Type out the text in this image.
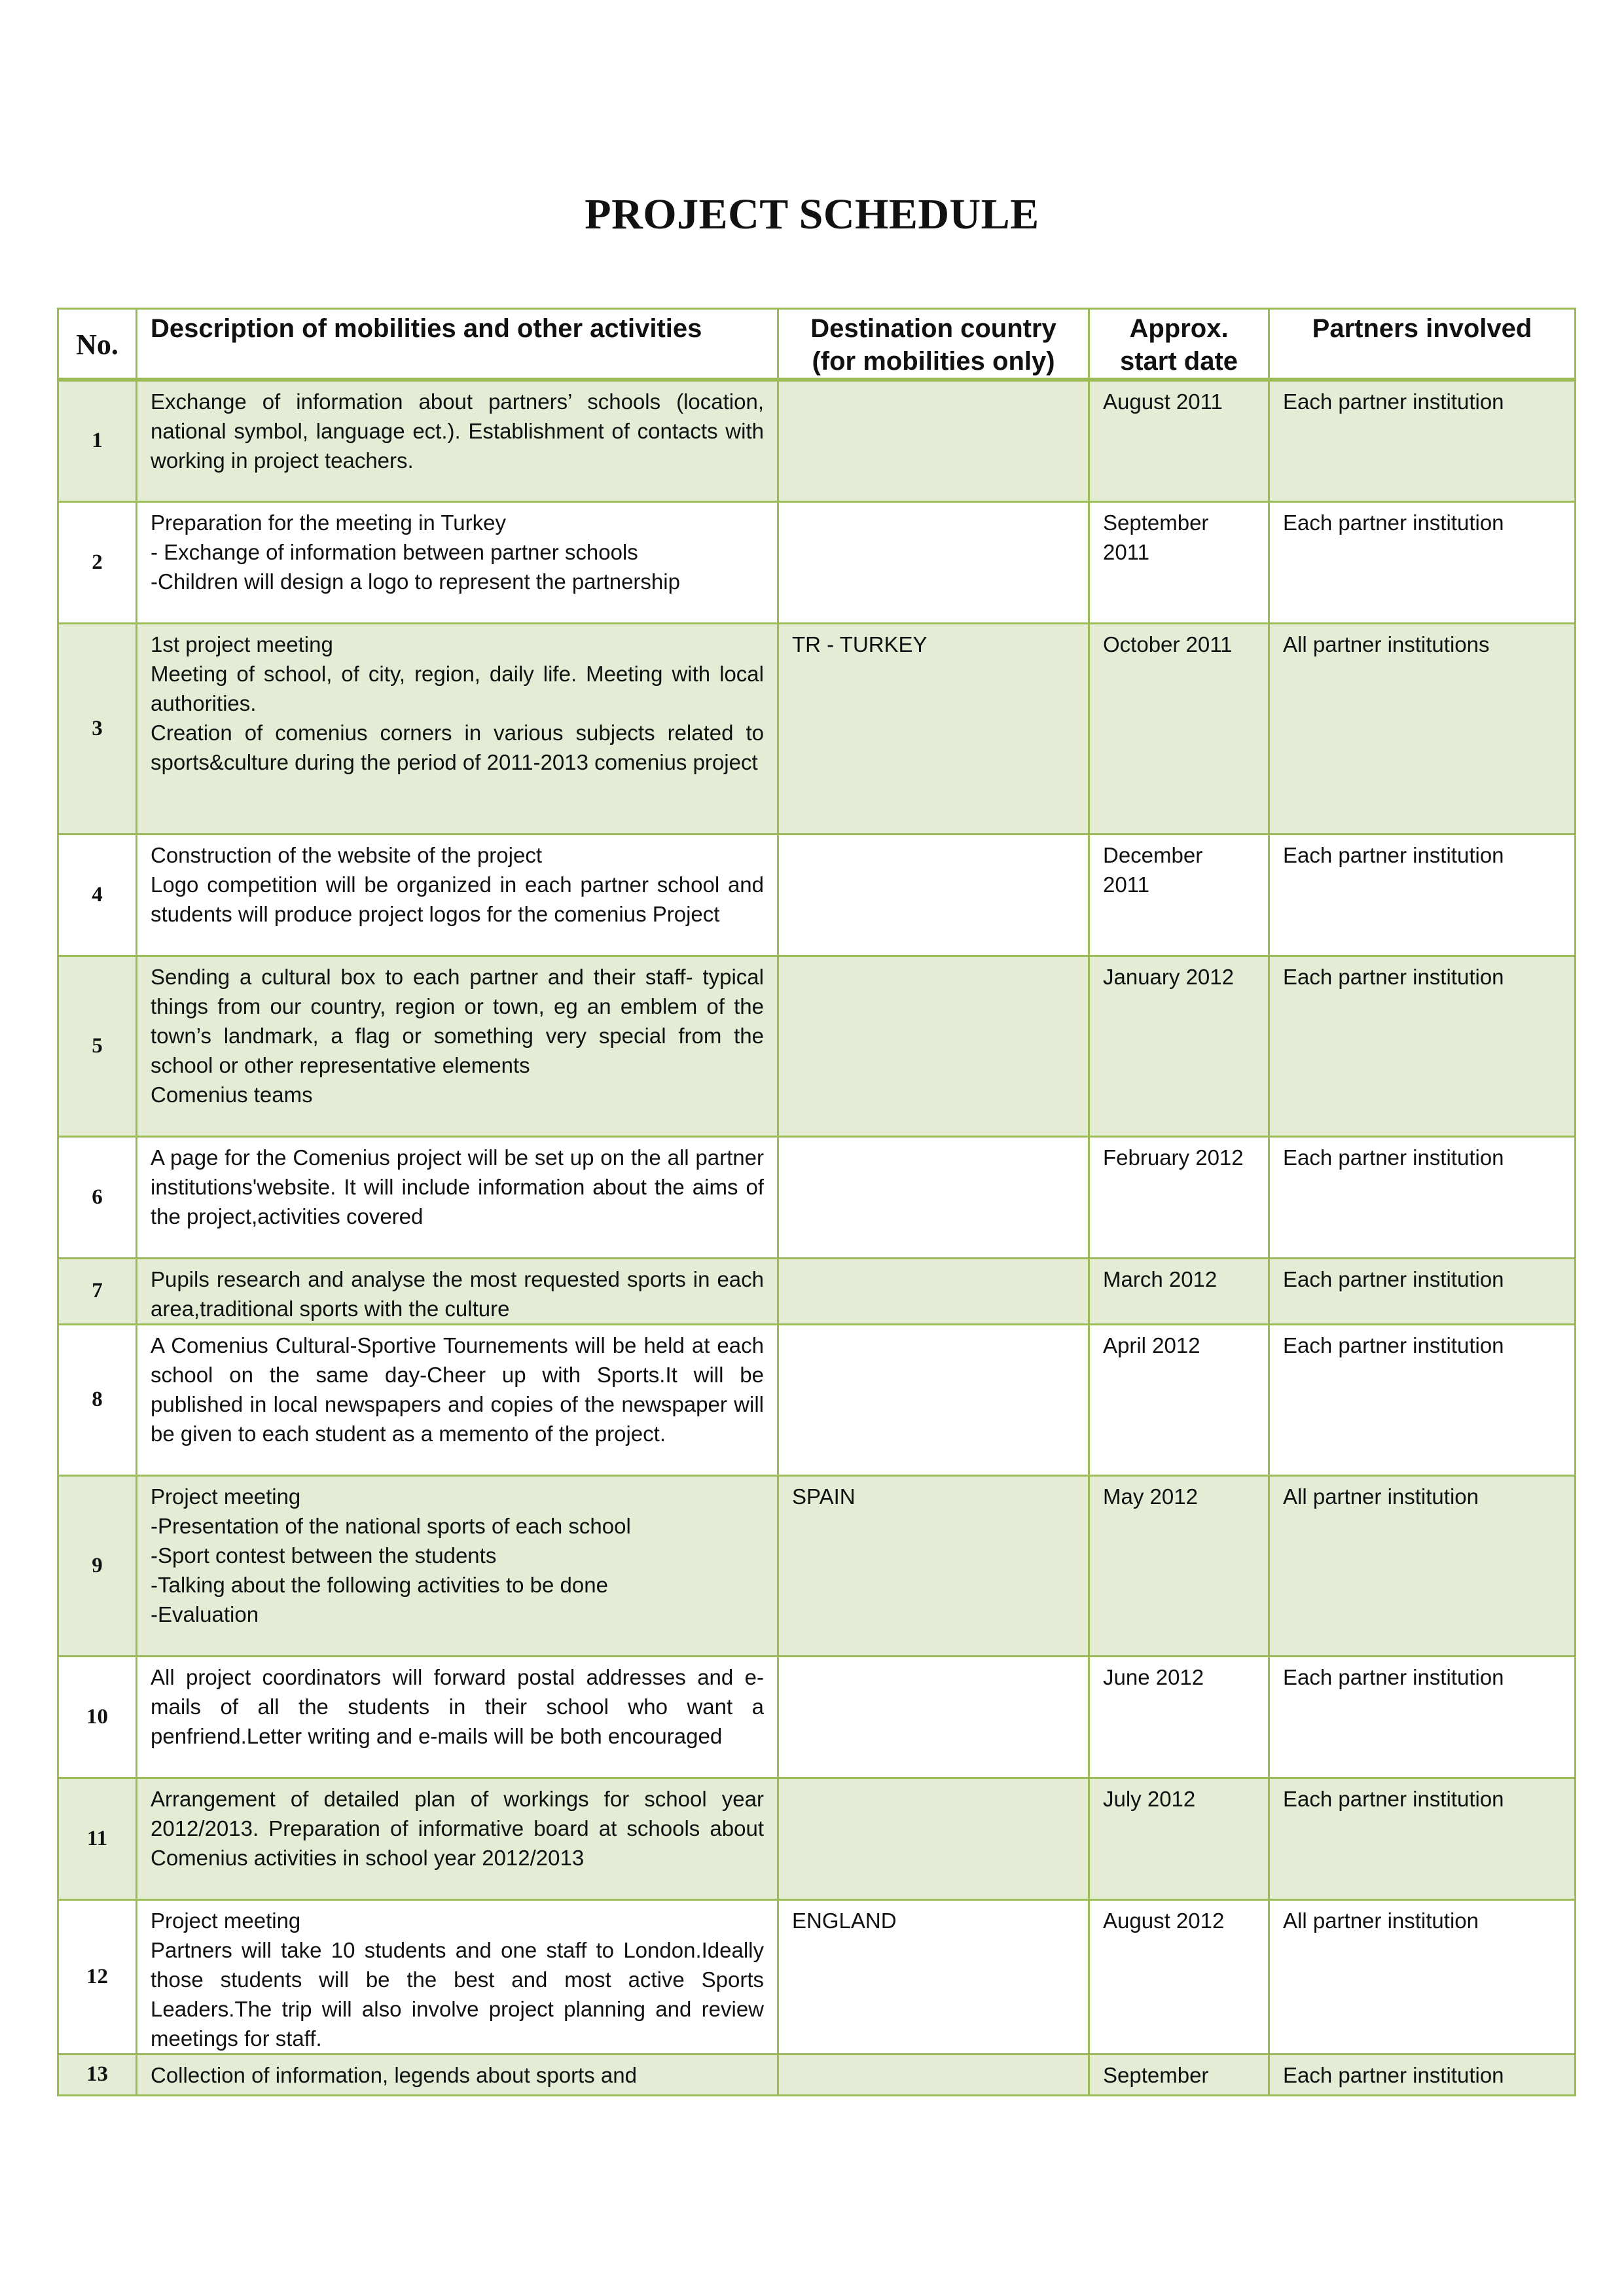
PROJECT SCHEDULE
No.	Description of mobilities and other activities	Destination country (for mobilities only)	Approx. start date	Partners involved
1	Exchange of information about partners’ schools (location, national symbol, language ect.). Establishment of contacts with working in project teachers.		August 2011	Each partner institution
2	Preparation for the meeting in Turkey
- Exchange of information between partner schools
-Children will design a logo to represent the partnership		September 2011	Each partner institution
3	1st project meeting
Meeting of school, of city, region, daily life. Meeting with local authorities.
Creation of comenius corners in various subjects related to sports&culture during the period of 2011-2013 comenius project	TR - TURKEY	October 2011	All partner institutions
4	Construction of the website of the project
Logo competition will be organized in each partner school and students will produce project logos for the comenius Project		December 2011	Each partner institution
5	Sending a cultural box to each partner and their staff- typical things from our country, region or town, eg an emblem of the town’s landmark, a flag or something very special from the school or other representative elements
Comenius teams		January 2012	Each partner institution
6	A page for the Comenius project will be set up on the all partner institutions'website. It will include information about the aims of the project,activities covered		February 2012	Each partner institution
7	Pupils research and analyse the most requested sports in each area,traditional sports with the culture		March 2012	Each partner institution
8	A Comenius Cultural-Sportive Tournements will be held at each school on the same day-Cheer up with Sports.It will be published in local newspapers and copies of the newspaper will be given to each student as a memento of the project.		April 2012	Each partner institution
9	Project meeting
-Presentation of the national sports of each school
-Sport contest between the students
-Talking about the following activities to be done
-Evaluation	SPAIN	May 2012	All partner institution
10	All project coordinators will forward postal addresses and e-mails of all the students in their school who want a penfriend.Letter writing and e-mails will be both encouraged		June 2012	Each partner institution
11	Arrangement of detailed plan of workings for school year 2012/2013. Preparation of informative board at schools about Comenius activities in school year 2012/2013		July 2012	Each partner institution
12	Project meeting
Partners will take 10 students and one staff to London.Ideally those students will be the best and most active Sports Leaders.The trip will also involve project planning and review meetings for staff.	ENGLAND	August 2012	All partner institution
13	Collection of information, legends about sports and		September	Each partner institution
